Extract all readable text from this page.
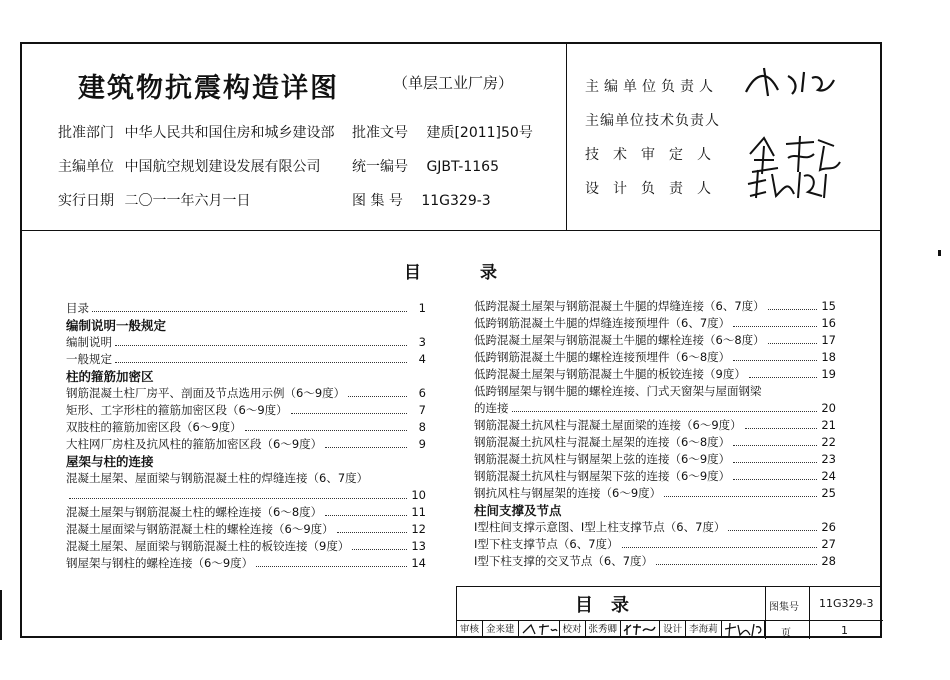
建筑物抗震构造详图	（单层工业厂房）
批准部门 中华人民共和国住房和城乡建设部 批准文号 建质[2011]50号
主编单位 中国航空规划建设发展有限公司 统一编号 GJBT-1165
实行日期 二〇一一年六月一日	图 集 号 11G329-3
主编单位负责人
主编单位技术负责人
技术审定人
设计负责人
目	录
目录	1
编制说明一般规定
编制说明	3
一般规定	4
柱的箍筋加密区
钢筋混凝土柱厂房平、剖面及节点选用示例（6～9度）	6
矩形、工字形柱的箍筋加密区段（6～9度）	7
双肢柱的箍筋加密区段（6～9度）	8
大柱网厂房柱及抗风柱的箍筋加密区段（6～9度）	9
屋架与柱的连接
混凝土屋架、屋面梁与钢筋混凝土柱的焊缝连接（6、7度）
10
混凝土屋架与钢筋混凝土柱的螺栓连接（6～8度）	11
混凝土屋面梁与钢筋混凝土柱的螺栓连接（6～9度）	12
混凝土屋架、屋面梁与钢筋混凝土柱的板铰连接（9度）	13
钢屋架与钢柱的螺栓连接（6～9度）	14
低跨混凝土屋架与钢筋混凝土牛腿的焊缝连接（6、7度）	15
低跨钢筋混凝土牛腿的焊缝连接预埋件（6、7度）	16
低跨混凝土屋架与钢筋混凝土牛腿的螺栓连接（6～8度）	17
低跨钢筋混凝土牛腿的螺栓连接预埋件（6～8度）	18
低跨混凝土屋架与钢筋混凝土牛腿的板铰连接（9度）	19
低跨钢屋架与钢牛腿的螺栓连接、门式天窗架与屋面钢梁
的连接	20
钢筋混凝土抗风柱与混凝土屋面梁的连接（6～9度）	21
钢筋混凝土抗风柱与混凝土屋架的连接（6～8度）	22
钢筋混凝土抗风柱与钢屋架上弦的连接（6～9度）	23
钢筋混凝土抗风柱与钢屋架下弦的连接（6～9度）	24
钢抗风柱与钢屋架的连接（6～9度）	25
柱间支撑及节点
I型柱间支撑示意图、I型上柱支撑节点（6、7度）	26
I型下柱支撑节点（6、7度）	27
I型下柱支撑的交叉节点（6、7度）	28
目录	图集号 11G329-3
页	1
审核 金来建	校对 张秀卿	设计 李海莉
